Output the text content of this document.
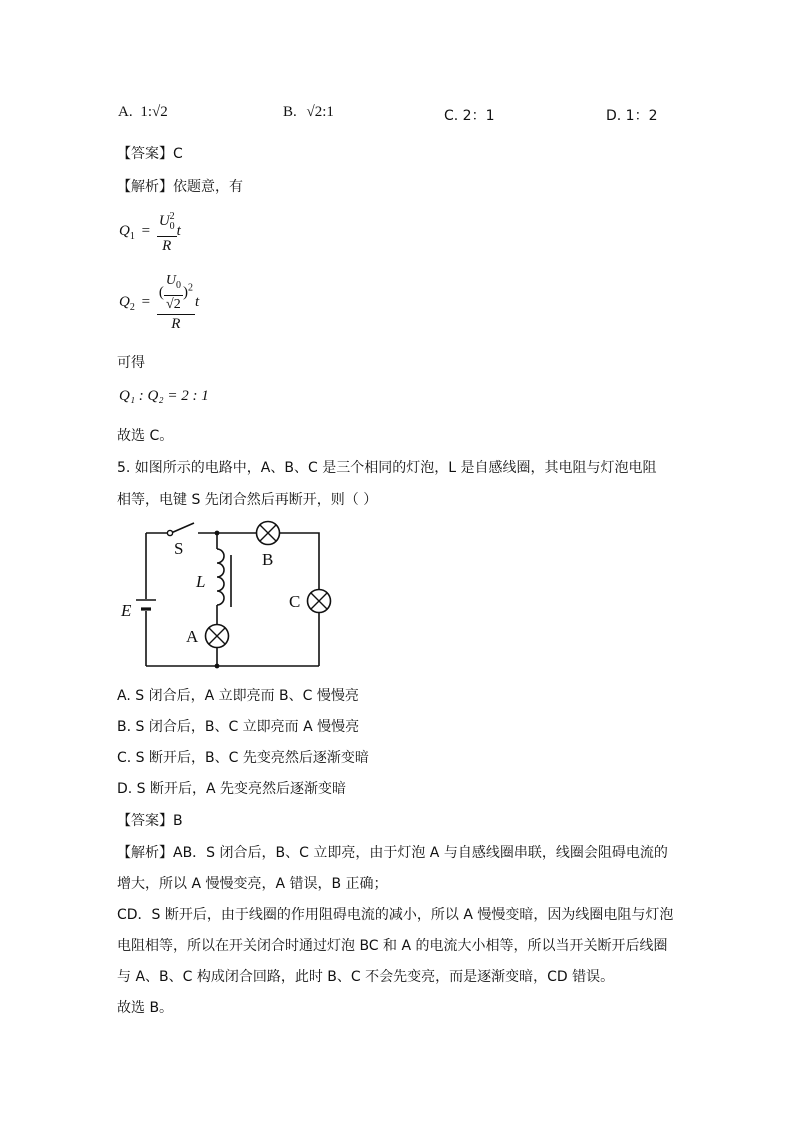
A. 1:√2	B. √2:1	C. 2：1	D. 1：2
【答案】C
【解析】依题意，有
$Q_1 = \frac{U_0^2}{R}$ t
$Q_2 = \frac{( \frac{U_0}{√2} )^2}{R}$ t
可得
Q₁ : Q₂ = 2 : 1
故选 C。
5. 如图所示的电路中，A、B、C 是三个相同的灯泡，L 是自感线圈，其电阻与灯泡电阻
相等，电键 S 先闭合然后再断开，则（ ）
S
B
L
C
E
A
A. S 闭合后，A 立即亮而 B、C 慢慢亮
B. S 闭合后，B、C 立即亮而 A 慢慢亮
C. S 断开后，B、C 先变亮然后逐渐变暗
D. S 断开后，A 先变亮然后逐渐变暗
【答案】B
【解析】AB．S 闭合后，B、C 立即亮，由于灯泡 A 与自感线圈串联，线圈会阻碍电流的
增大，所以 A 慢慢变亮，A 错误，B 正确；
CD．S 断开后，由于线圈的作用阻碍电流的减小，所以 A 慢慢变暗，因为线圈电阻与灯泡
电阻相等，所以在开关闭合时通过灯泡 BC 和 A 的电流大小相等，所以当开关断开后线圈
与 A、B、C 构成闭合回路，此时 B、C 不会先变亮，而是逐渐变暗，CD 错误。
故选 B。
